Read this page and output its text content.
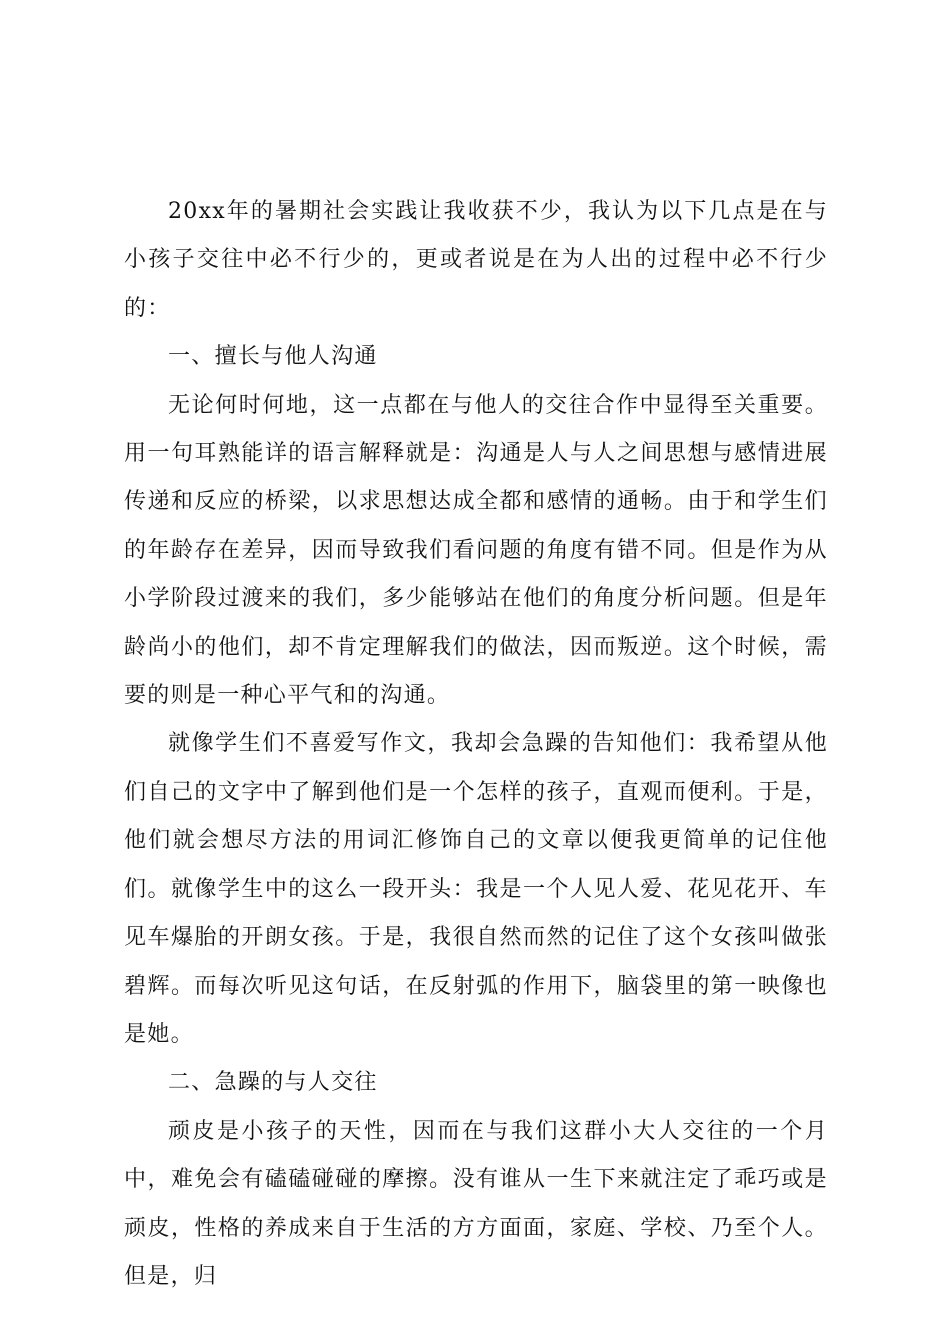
20xx年的暑期社会实践让我收获不少，我认为以下几点是在与小孩子交往中必不行少的，更或者说是在为人出的过程中必不行少的：

一、擅长与他人沟通

无论何时何地，这一点都在与他人的交往合作中显得至关重要。用一句耳熟能详的语言解释就是：沟通是人与人之间思想与感情进展传递和反应的桥梁，以求思想达成全都和感情的通畅。由于和学生们的年龄存在差异，因而导致我们看问题的角度有错不同。但是作为从小学阶段过渡来的我们，多少能够站在他们的角度分析问题。但是年龄尚小的他们，却不肯定理解我们的做法，因而叛逆。这个时候，需要的则是一种心平气和的沟通。

就像学生们不喜爱写作文，我却会急躁的告知他们：我希望从他们自己的文字中了解到他们是一个怎样的孩子，直观而便利。于是，他们就会想尽方法的用词汇修饰自己的文章以便我更简单的记住他们。就像学生中的这么一段开头：我是一个人见人爱、花见花开、车见车爆胎的开朗女孩。于是，我很自然而然的记住了这个女孩叫做张碧辉。而每次听见这句话，在反射弧的作用下，脑袋里的第一映像也是她。

二、急躁的与人交往

顽皮是小孩子的天性，因而在与我们这群小大人交往的一个月中，难免会有磕磕碰碰的摩擦。没有谁从一生下来就注定了乖巧或是顽皮，性格的养成来自于生活的方方面面，家庭、学校、乃至个人。但是，归
